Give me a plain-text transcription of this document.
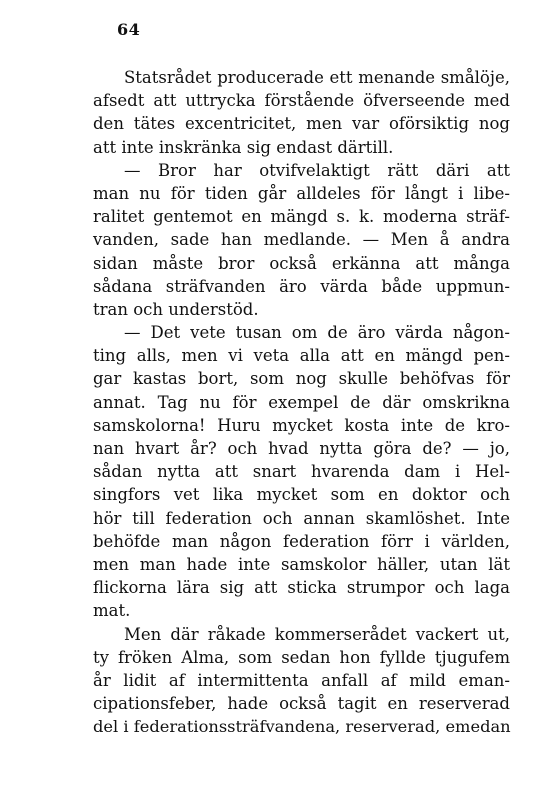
64
Statsrådet producerade ett menande smålöje,
afsedt att uttrycka förstående öfverseende med
den tätes excentricitet, men var oförsiktig nog
att inte inskränka sig endast därtill.
— Bror har otvifvelaktigt rätt däri att
man nu för tiden går alldeles för långt i libe-
ralitet gentemot en mängd s. k. moderna sträf-
vanden, sade han medlande. — Men å andra
sidan måste bror också erkänna att många
sådana sträfvanden äro värda både uppmun-
tran och understöd.
— Det vete tusan om de äro värda någon-
ting alls, men vi veta alla att en mängd pen-
gar kastas bort, som nog skulle behöfvas för
annat. Tag nu för exempel de där omskrikna
samskolorna! Huru mycket kosta inte de kro-
nan hvart år? och hvad nytta göra de? — jo,
sådan nytta att snart hvarenda dam i Hel-
singfors vet lika mycket som en doktor och
hör till federation och annan skamlöshet. Inte
behöfde man någon federation förr i världen,
men man hade inte samskolor häller, utan lät
flickorna lära sig att sticka strumpor och laga
mat.
Men där råkade kommerserådet vackert ut,
ty fröken Alma, som sedan hon fyllde tjugufem
år lidit af intermittenta anfall af mild eman-
cipationsfeber, hade också tagit en reserverad
del i federationssträfvandena, reserverad, emedan
